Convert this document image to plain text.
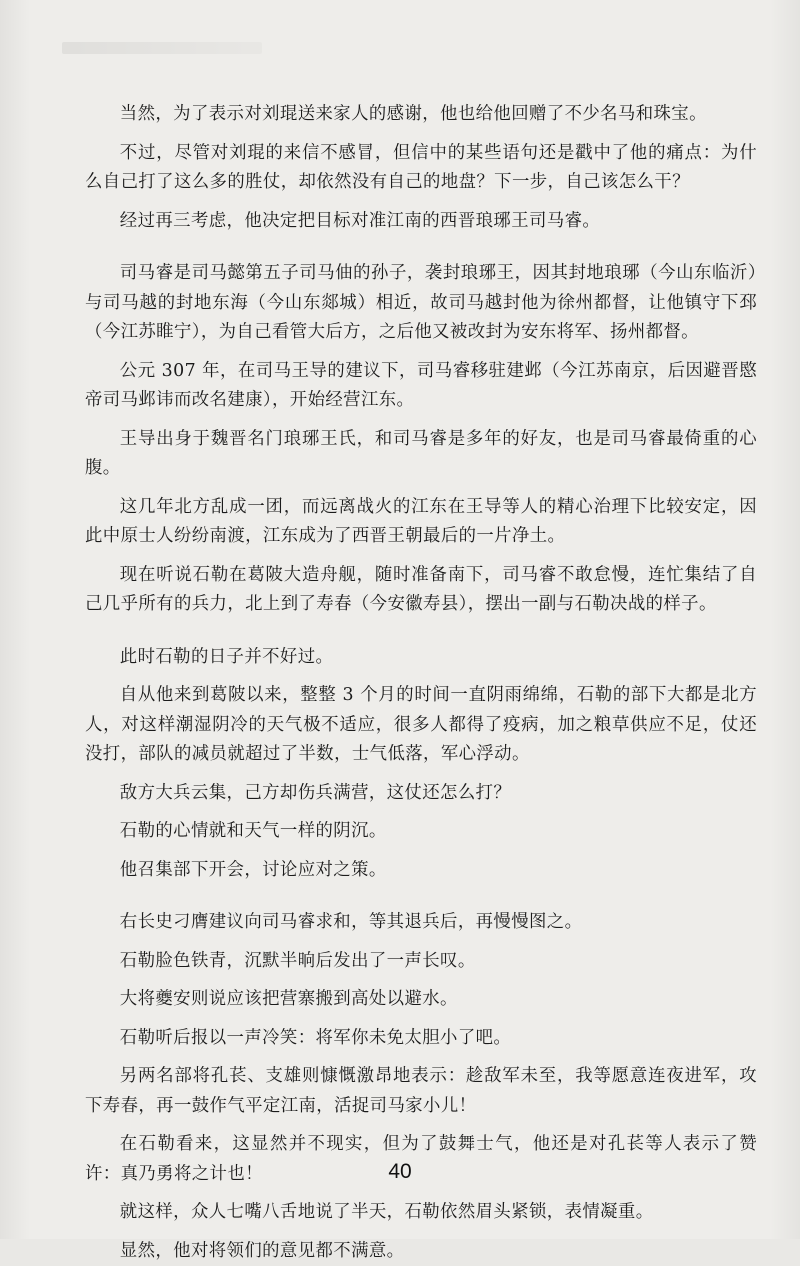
当然，为了表示对刘琨送来家人的感谢，他也给他回赠了不少名马和珠宝。

不过，尽管对刘琨的来信不感冒，但信中的某些语句还是戳中了他的痛点：为什么自己打了这么多的胜仗，却依然没有自己的地盘？下一步，自己该怎么干？

经过再三考虑，他决定把目标对准江南的西晋琅琊王司马睿。

司马睿是司马懿第五子司马伷的孙子，袭封琅琊王，因其封地琅琊（今山东临沂）与司马越的封地东海（今山东郯城）相近，故司马越封他为徐州都督，让他镇守下邳（今江苏睢宁），为自己看管大后方，之后他又被改封为安东将军、扬州都督。

公元 307 年，在司马王导的建议下，司马睿移驻建邺（今江苏南京，后因避晋愍帝司马邺讳而改名建康），开始经营江东。

王导出身于魏晋名门琅琊王氏，和司马睿是多年的好友，也是司马睿最倚重的心腹。

这几年北方乱成一团，而远离战火的江东在王导等人的精心治理下比较安定，因此中原士人纷纷南渡，江东成为了西晋王朝最后的一片净土。

现在听说石勒在葛陂大造舟舰，随时准备南下，司马睿不敢怠慢，连忙集结了自己几乎所有的兵力，北上到了寿春（今安徽寿县），摆出一副与石勒决战的样子。

此时石勒的日子并不好过。

自从他来到葛陂以来，整整 3 个月的时间一直阴雨绵绵，石勒的部下大都是北方人，对这样潮湿阴冷的天气极不适应，很多人都得了疫病，加之粮草供应不足，仗还没打，部队的减员就超过了半数，士气低落，军心浮动。

敌方大兵云集，己方却伤兵满营，这仗还怎么打？

石勒的心情就和天气一样的阴沉。

他召集部下开会，讨论应对之策。

右长史刁膺建议向司马睿求和，等其退兵后，再慢慢图之。

石勒脸色铁青，沉默半晌后发出了一声长叹。

大将夔安则说应该把营寨搬到高处以避水。

石勒听后报以一声冷笑：将军你未免太胆小了吧。

另两名部将孔苌、支雄则慷慨激昂地表示：趁敌军未至，我等愿意连夜进军，攻下寿春，再一鼓作气平定江南，活捉司马家小儿！

在石勒看来，这显然并不现实，但为了鼓舞士气，他还是对孔苌等人表示了赞许：真乃勇将之计也！

就这样，众人七嘴八舌地说了半天，石勒依然眉头紧锁，表情凝重。

显然，他对将领们的意见都不满意。

40
